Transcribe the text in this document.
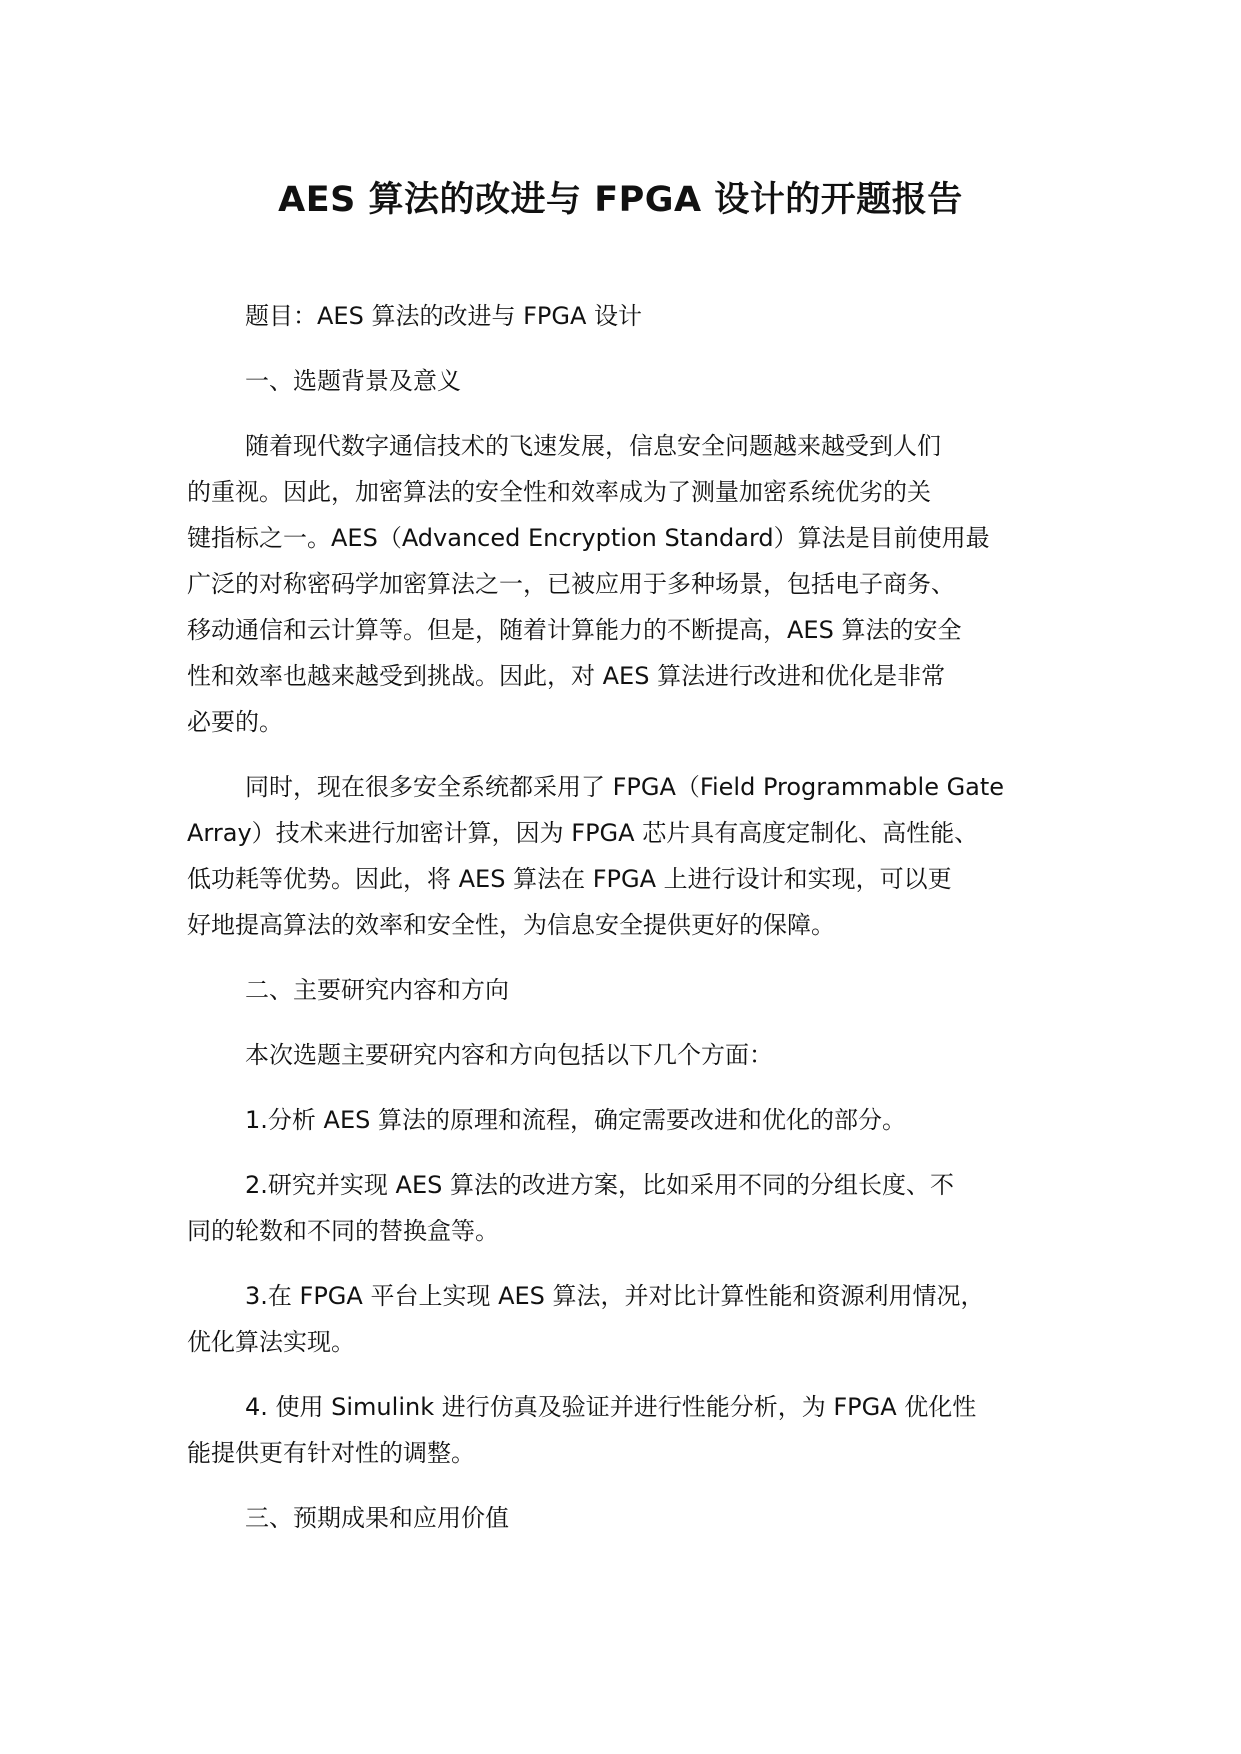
AES 算法的改进与 FPGA 设计的开题报告

题目：AES 算法的改进与 FPGA 设计

一、选题背景及意义

随着现代数字通信技术的飞速发展，信息安全问题越来越受到人们
的重视。因此，加密算法的安全性和效率成为了测量加密系统优劣的关
键指标之一。AES（Advanced Encryption Standard）算法是目前使用最
广泛的对称密码学加密算法之一，已被应用于多种场景，包括电子商务、
移动通信和云计算等。但是，随着计算能力的不断提高，AES 算法的安全
性和效率也越来越受到挑战。因此，对 AES 算法进行改进和优化是非常
必要的。
同时，现在很多安全系统都采用了 FPGA（Field Programmable Gate
Array）技术来进行加密计算，因为 FPGA 芯片具有高度定制化、高性能、
低功耗等优势。因此，将 AES 算法在 FPGA 上进行设计和实现，可以更
好地提高算法的效率和安全性，为信息安全提供更好的保障。

二、主要研究内容和方向

本次选题主要研究内容和方向包括以下几个方面：

1.分析 AES 算法的原理和流程，确定需要改进和优化的部分。
2.研究并实现 AES 算法的改进方案，比如采用不同的分组长度、不
同的轮数和不同的替换盒等。
3.在 FPGA 平台上实现 AES 算法，并对比计算性能和资源利用情况，
优化算法实现。
4. 使用 Simulink 进行仿真及验证并进行性能分析，为 FPGA 优化性
能提供更有针对性的调整。

三、预期成果和应用价值
